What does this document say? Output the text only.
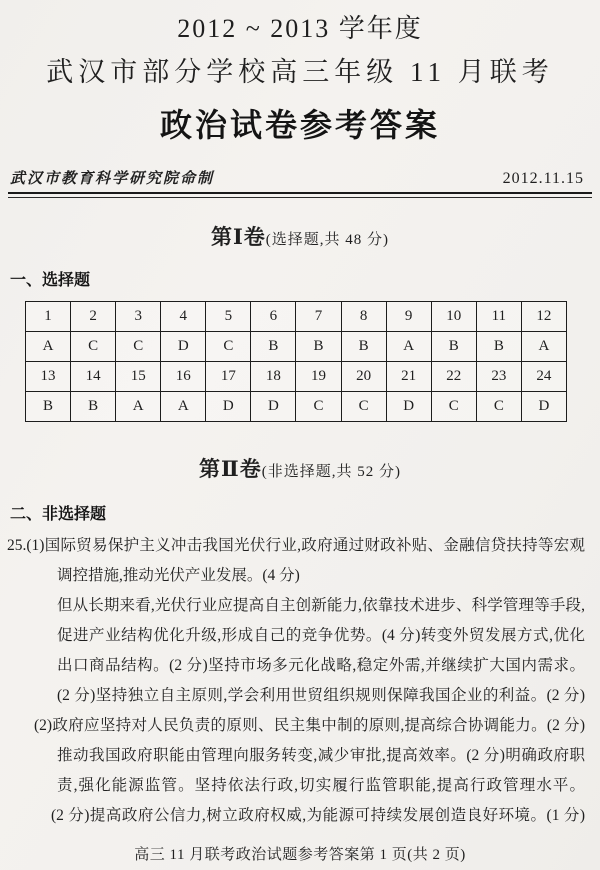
2012 ~ 2013 学年度
武汉市部分学校高三年级 11 月联考
政治试卷参考答案
武汉市教育科学研究院命制	2012.11.15
第Ⅰ卷(选择题,共 48 分)
一、选择题
1	2	3	4	5	6	7	8	9	10	11	12
A	C	C	D	C	B	B	B	A	B	B	A
13	14	15	16	17	18	19	20	21	22	23	24
B	B	A	A	D	D	C	C	D	C	C	D
第Ⅱ卷(非选择题,共 52 分)
二、非选择题
25.(1)国际贸易保护主义冲击我国光伏行业,政府通过财政补贴、金融信贷扶持等宏观
调控措施,推动光伏产业发展。(4 分)
但从长期来看,光伏行业应提高自主创新能力,依靠技术进步、科学管理等手段,
促进产业结构优化升级,形成自己的竞争优势。(4 分)转变外贸发展方式,优化
出口商品结构。(2 分)坚持市场多元化战略,稳定外需,并继续扩大国内需求。
(2 分)坚持独立自主原则,学会利用世贸组织规则保障我国企业的利益。(2 分)
(2)政府应坚持对人民负责的原则、民主集中制的原则,提高综合协调能力。(2 分)
推动我国政府职能由管理向服务转变,减少审批,提高效率。(2 分)明确政府职
责,强化能源监管。坚持依法行政,切实履行监管职能,提高行政管理水平。
(2 分)提高政府公信力,树立政府权威,为能源可持续发展创造良好环境。(1 分)
高三 11 月联考政治试题参考答案第 1 页(共 2 页)
